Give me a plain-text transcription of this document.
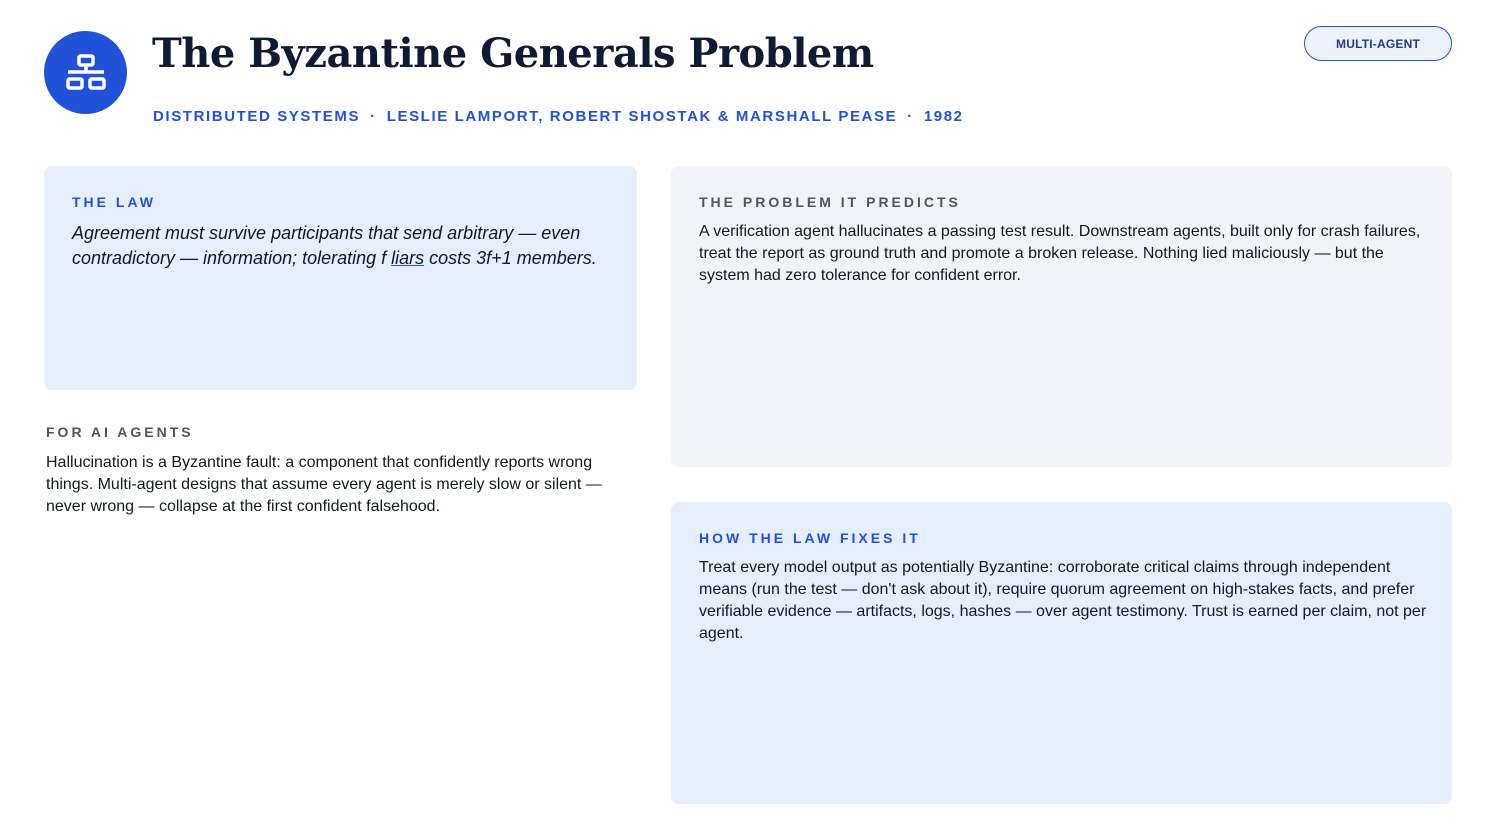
The Byzantine Generals Problem
DISTRIBUTED SYSTEMS · LESLIE LAMPORT, ROBERT SHOSTAK & MARSHALL PEASE · 1982
MULTI-AGENT
THE LAW
Agreement must survive participants that send arbitrary — even contradictory — information; tolerating f liars costs 3f+1 members.
FOR AI AGENTS
Hallucination is a Byzantine fault: a component that confidently reports wrong things. Multi-agent designs that assume every agent is merely slow or silent — never wrong — collapse at the first confident falsehood.
THE PROBLEM IT PREDICTS
A verification agent hallucinates a passing test result. Downstream agents, built only for crash failures, treat the report as ground truth and promote a broken release. Nothing lied maliciously — but the system had zero tolerance for confident error.
HOW THE LAW FIXES IT
Treat every model output as potentially Byzantine: corroborate critical claims through independent means (run the test — don't ask about it), require quorum agreement on high-stakes facts, and prefer verifiable evidence — artifacts, logs, hashes — over agent testimony. Trust is earned per claim, not per agent.
